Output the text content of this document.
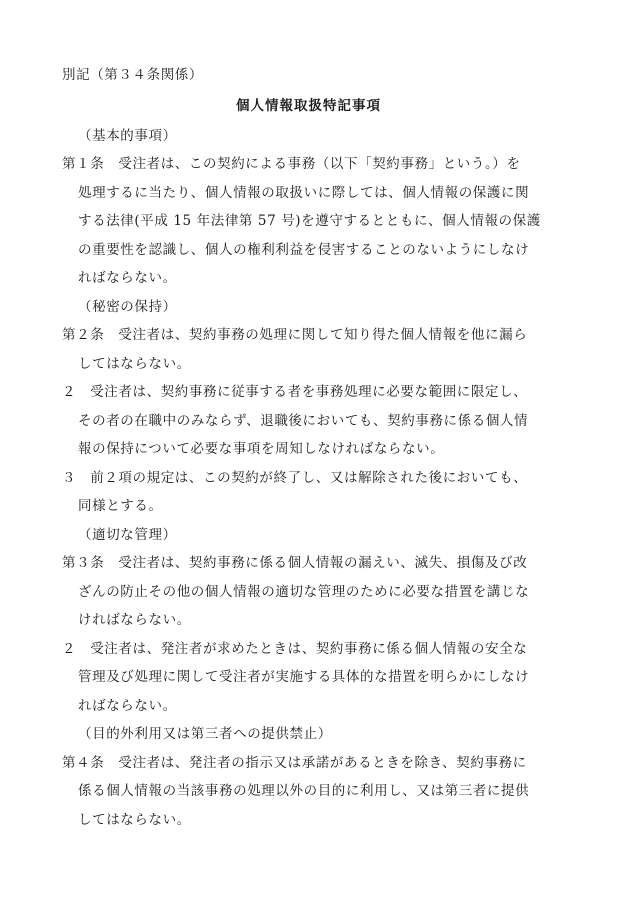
別記（第３４条関係）
個人情報取扱特記事項
（基本的事項）
第１条　受注者は、この契約による事務（以下「契約事務」という。）を
処理するに当たり、個人情報の取扱いに際しては、個人情報の保護に関
する法律(平成 15 年法律第 57 号)を遵守するとともに、個人情報の保護
の重要性を認識し、個人の権利利益を侵害することのないようにしなけ
ればならない。
（秘密の保持）
第２条　受注者は、契約事務の処理に関して知り得た個人情報を他に漏ら
してはならない。
２　受注者は、契約事務に従事する者を事務処理に必要な範囲に限定し、
その者の在職中のみならず、退職後においても、契約事務に係る個人情
報の保持について必要な事項を周知しなければならない。
３　前２項の規定は、この契約が終了し、又は解除された後においても、
同様とする。
（適切な管理）
第３条　受注者は、契約事務に係る個人情報の漏えい、滅失、損傷及び改
ざんの防止その他の個人情報の適切な管理のために必要な措置を講じな
ければならない。
２　受注者は、発注者が求めたときは、契約事務に係る個人情報の安全な
管理及び処理に関して受注者が実施する具体的な措置を明らかにしなけ
ればならない。
（目的外利用又は第三者への提供禁止）
第４条　受注者は、発注者の指示又は承諾があるときを除き、契約事務に
係る個人情報の当該事務の処理以外の目的に利用し、又は第三者に提供
してはならない。
